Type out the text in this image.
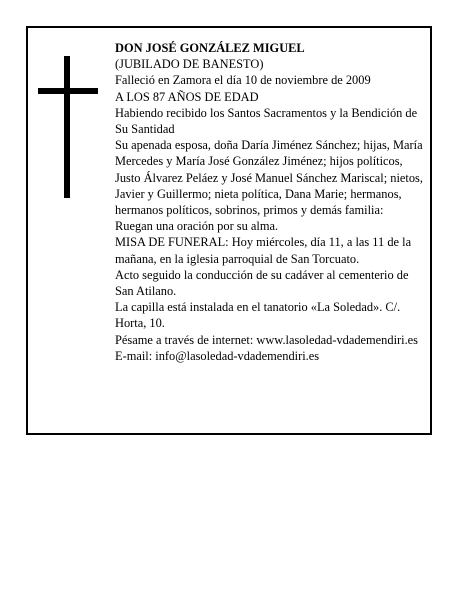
DON JOSÉ GONZÁLEZ MIGUEL

(JUBILADO DE BANESTO)

Falleció en Zamora el día 10 de noviembre de 2009

A LOS 87 AÑOS DE EDAD

Habiendo recibido los Santos Sacramentos y la Bendición de Su Santidad

Su apenada esposa, doña Daría Jiménez Sánchez; hijas, María Mercedes y María José González Jiménez; hijos políticos, Justo Álvarez Peláez y José Manuel Sánchez Mariscal; nietos, Javier y Guillermo; nieta política, Dana Marie; hermanos, hermanos políticos, sobrinos, primos y demás familia:

Ruegan una oración por su alma.

MISA DE FUNERAL: Hoy miércoles, día 11, a las 11 de la mañana, en la iglesia parroquial de San Torcuato.

Acto seguido la conducción de su cadáver al cementerio de San Atilano.

La capilla está instalada en el tanatorio «La Soledad». C/. Horta, 10.

Pésame a través de internet: www.lasoledad-vdademendiri.es

E-mail: info@lasoledad-vdademendiri.es
